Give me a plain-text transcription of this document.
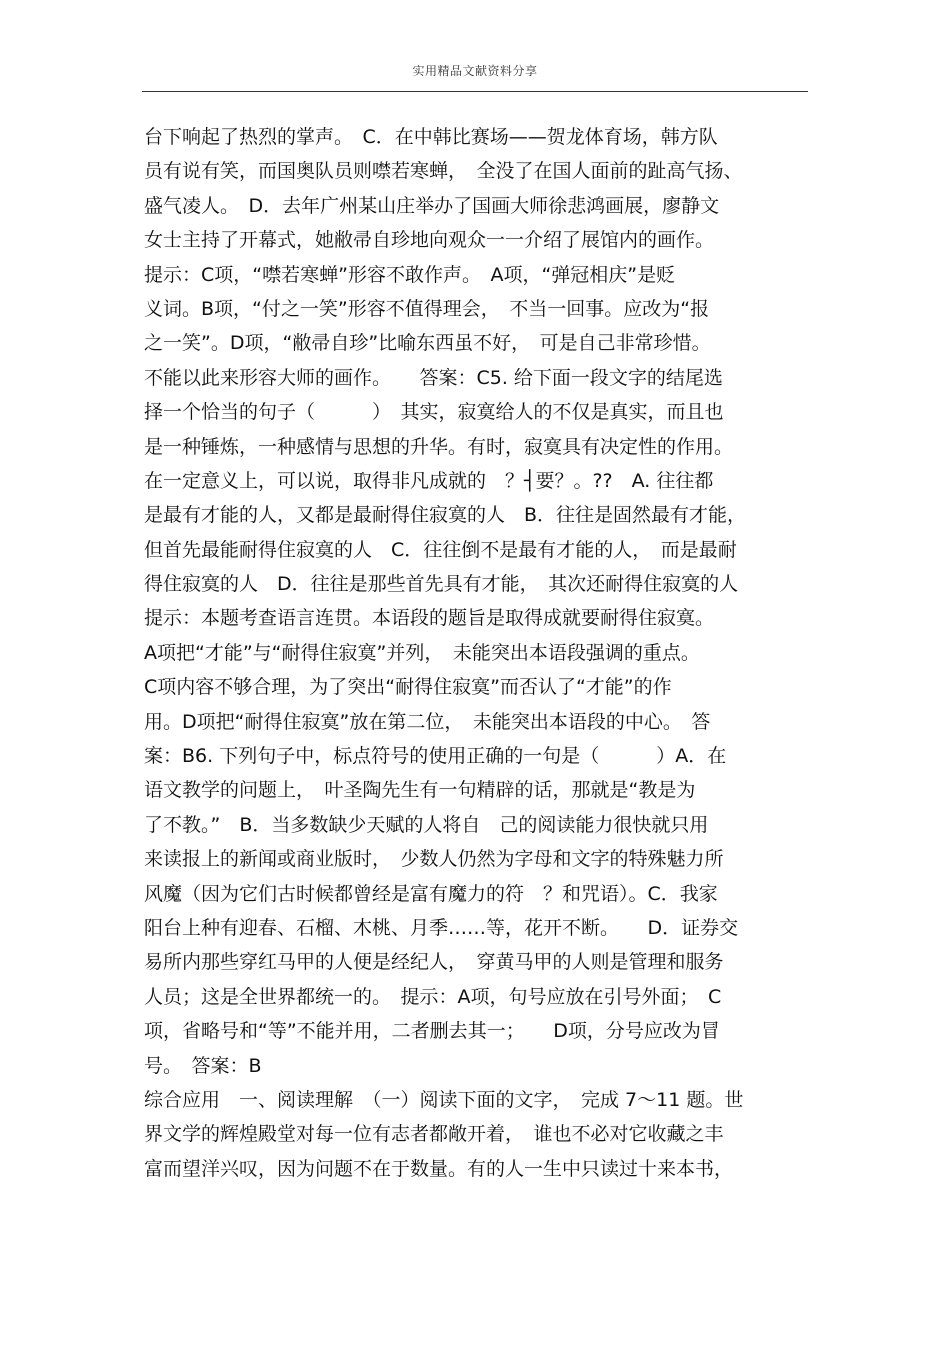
实用精品文献资料分享
台下响起了热烈的掌声。　C．在中韩比赛场——贺龙体育场，韩方队
员有说有笑，而国奥队员则噤若寒蝉，　全没了在国人面前的趾高气扬、
盛气凌人。　D．去年广州某山庄举办了国画大师徐悲鸿画展，廖静文
女士主持了开幕式，她敝帚自珍地向观众一一介绍了展馆内的画作。
提示：C项，“噤若寒蝉”形容不敢作声。　A项，“弹冠相庆”是贬
义词。B项，“付之一笑”形容不值得理会，　不当一回事。应改为“报
之一笑”。D项，“敝帚自珍”比喻东西虽不好，　可是自己非常珍惜。
不能以此来形容大师的画作。　　答案：C5. 给下面一段文字的结尾选
择一个恰当的句子（　　　）　其实，寂寞给人的不仅是真实，而且也
是一种锤炼，一种感情与思想的升华。有时，寂寞具有决定性的作用。
在一定意义上，可以说，取得非凡成就的　？┤要？。??　A. 往往都
是最有才能的人，又都是最耐得住寂寞的人　B．往往是固然最有才能，
但首先最能耐得住寂寞的人　C．往往倒不是最有才能的人，　而是最耐
得住寂寞的人　D．往往是那些首先具有才能，　其次还耐得住寂寞的人
提示：本题考查语言连贯。本语段的题旨是取得成就要耐得住寂寞。
A项把“才能”与“耐得住寂寞”并列，　未能突出本语段强调的重点。
C项内容不够合理，为了突出“耐得住寂寞”而否认了“才能”的作
用。D项把“耐得住寂寞”放在第二位，　未能突出本语段的中心。　答
案：B6. 下列句子中，标点符号的使用正确的一句是（　　　）A．在
语文教学的问题上，　叶圣陶先生有一句精辟的话，那就是“教是为
了不教。”　B．当多数缺少天赋的人将自　己的阅读能力很快就只用
来读报上的新闻或商业版时，　少数人仍然为字母和文字的特殊魅力所
风魔（因为它们古时候都曾经是富有魔力的符　？和咒语）。C．我家
阳台上种有迎春、石榴、木桃、月季……等，花开不断。　　D．证券交
易所内那些穿红马甲的人便是经纪人，　穿黄马甲的人则是管理和服务
人员；这是全世界都统一的。　提示：A项，句号应放在引号外面；　C
项，省略号和“等”不能并用，二者删去其一；　　D项，分号应改为冒
号。　答案：B
综合应用　一、阅读理解　（一）阅读下面的文字，　完成 7～11 题。世
界文学的辉煌殿堂对每一位有志者都敞开着，　谁也不必对它收藏之丰
富而望洋兴叹，因为问题不在于数量。有的人一生中只读过十来本书，
